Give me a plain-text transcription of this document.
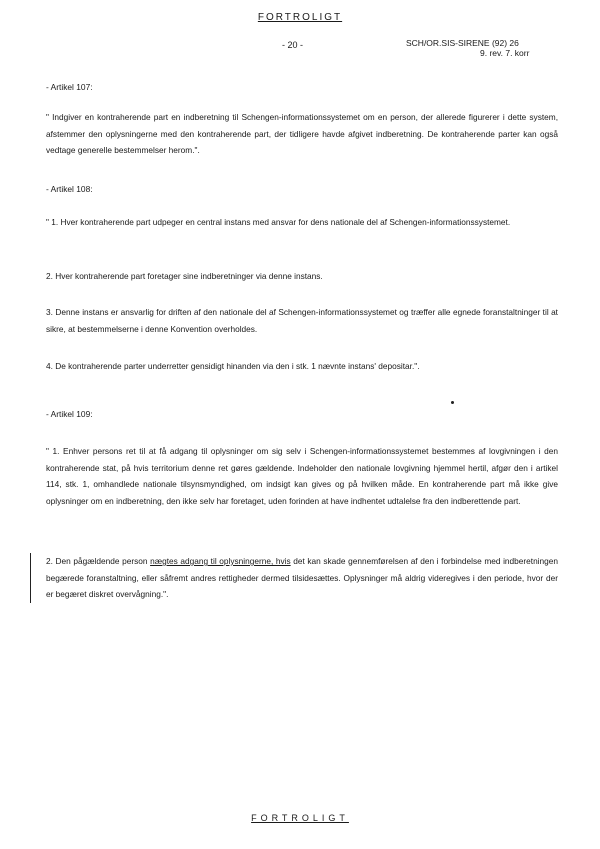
FORTROLIGT
- 20 -	SCH/OR.SIS-SIRENE (92) 26
9. rev. 7. korr
- Artikel 107:
" Indgiver en kontraherende part en indberetning til Schengen-informationssystemet om en person, der allerede figurerer i dette system, afstemmer den oplysningerne med den kontraherende part, der tidligere havde afgivet indberetning. De kontraherende parter kan også vedtage generelle bestemmelser herom.".
- Artikel 108:
" 1. Hver kontraherende part udpeger en central instans med ansvar for dens nationale del af Schengen-informationssystemet.
2. Hver kontraherende part foretager sine indberetninger via denne instans.
3. Denne instans er ansvarlig for driften af den nationale del af Schengen-informationssystemet og træffer alle egnede foranstaltninger til at sikre, at bestemmelserne i denne Konvention overholdes.
4. De kontraherende parter underretter gensidigt hinanden via den i stk. 1 nævnte instans' depositar.".
- Artikel 109:
" 1. Enhver persons ret til at få adgang til oplysninger om sig selv i Schengen-informationssystemet bestemmes af lovgivningen i den kontraherende stat, på hvis territorium denne ret gøres gældende. Indeholder den nationale lovgivning hjemmel hertil, afgør den i artikel 114, stk. 1, omhandlede nationale tilsynsmyndighed, om indsigt kan gives og på hvilken måde. En kontraherende part må ikke give oplysninger om en indberetning, den ikke selv har foretaget, uden forinden at have indhentet udtalelse fra den indberettende part.
2. Den pågældende person nægtes adgang til oplysningerne, hvis det kan skade gennemførelsen af den i forbindelse med indberetningen begærede foranstaltning, eller såfremt andres rettigheder dermed tilsidesættes. Oplysninger må aldrig videregives i den periode, hvor der er begæret diskret overvågning.".
FORTROLIGT
